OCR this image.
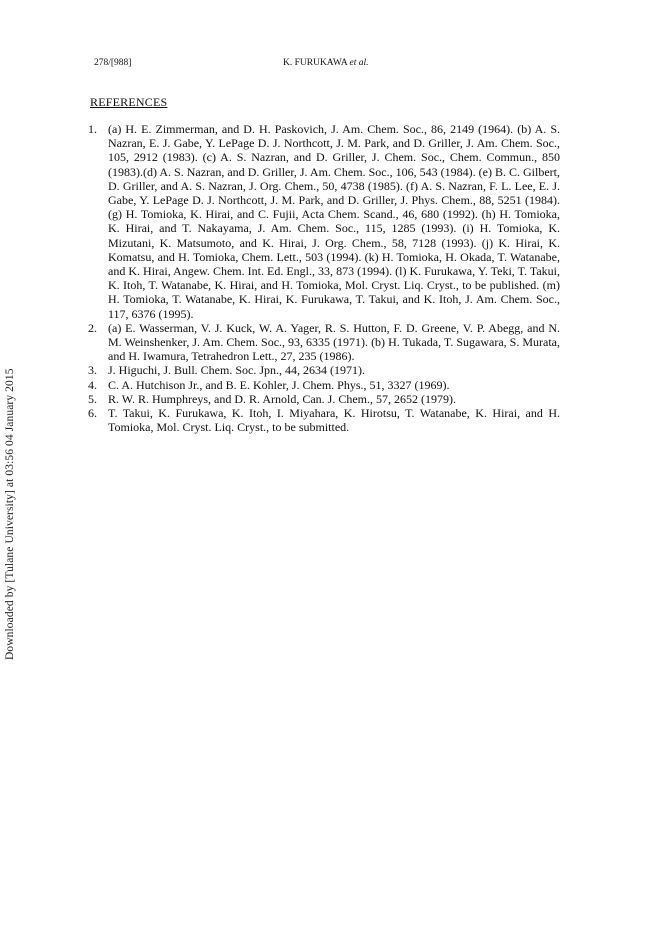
Downloaded by [Tulane University] at 03:56 04 January 2015
278/[988]	K. FURUKAWA et al.
REFERENCES

1. (a) H. E. Zimmerman, and D. H. Paskovich, J. Am. Chem. Soc., 86, 2149 (1964). (b) A. S. Nazran, E. J. Gabe, Y. LePage D. J. Northcott, J. M. Park, and D. Griller, J. Am. Chem. Soc., 105, 2912 (1983). (c) A. S. Nazran, and D. Griller, J. Chem. Soc., Chem. Commun., 850 (1983).(d) A. S. Nazran, and D. Griller, J. Am. Chem. Soc., 106, 543 (1984). (e) B. C. Gilbert, D. Griller, and A. S. Nazran, J. Org. Chem., 50, 4738 (1985). (f) A. S. Nazran, F. L. Lee, E. J. Gabe, Y. LePage D. J. Northcott, J. M. Park, and D. Griller, J. Phys. Chem., 88, 5251 (1984). (g) H. Tomioka, K. Hirai, and C. Fujii, Acta Chem. Scand., 46, 680 (1992). (h) H. Tomioka, K. Hirai, and T. Nakayama, J. Am. Chem. Soc., 115, 1285 (1993). (i) H. Tomioka, K. Mizutani, K. Matsumoto, and K. Hirai, J. Org. Chem., 58, 7128 (1993). (j) K. Hirai, K. Komatsu, and H. Tomioka, Chem. Lett., 503 (1994). (k) H. Tomioka, H. Okada, T. Watanabe, and K. Hirai, Angew. Chem. Int. Ed. Engl., 33, 873 (1994). (l) K. Furukawa, Y. Teki, T. Takui, K. Itoh, T. Watanabe, K. Hirai, and H. Tomioka, Mol. Cryst. Liq. Cryst., to be published. (m) H. Tomioka, T. Watanabe, K. Hirai, K. Furukawa, T. Takui, and K. Itoh, J. Am. Chem. Soc., 117, 6376 (1995).

2. (a) E. Wasserman, V. J. Kuck, W. A. Yager, R. S. Hutton, F. D. Greene, V. P. Abegg, and N. M. Weinshenker, J. Am. Chem. Soc., 93, 6335 (1971). (b) H. Tukada, T. Sugawara, S. Murata, and H. Iwamura, Tetrahedron Lett., 27, 235 (1986).

3. J. Higuchi, J. Bull. Chem. Soc. Jpn., 44, 2634 (1971).

4. C. A. Hutchison Jr., and B. E. Kohler, J. Chem. Phys., 51, 3327 (1969).

5. R. W. R. Humphreys, and D. R. Arnold, Can. J. Chem., 57, 2652 (1979).

6. T. Takui, K. Furukawa, K. Itoh, I. Miyahara, K. Hirotsu, T. Watanabe, K. Hirai, and H. Tomioka, Mol. Cryst. Liq. Cryst., to be submitted.
